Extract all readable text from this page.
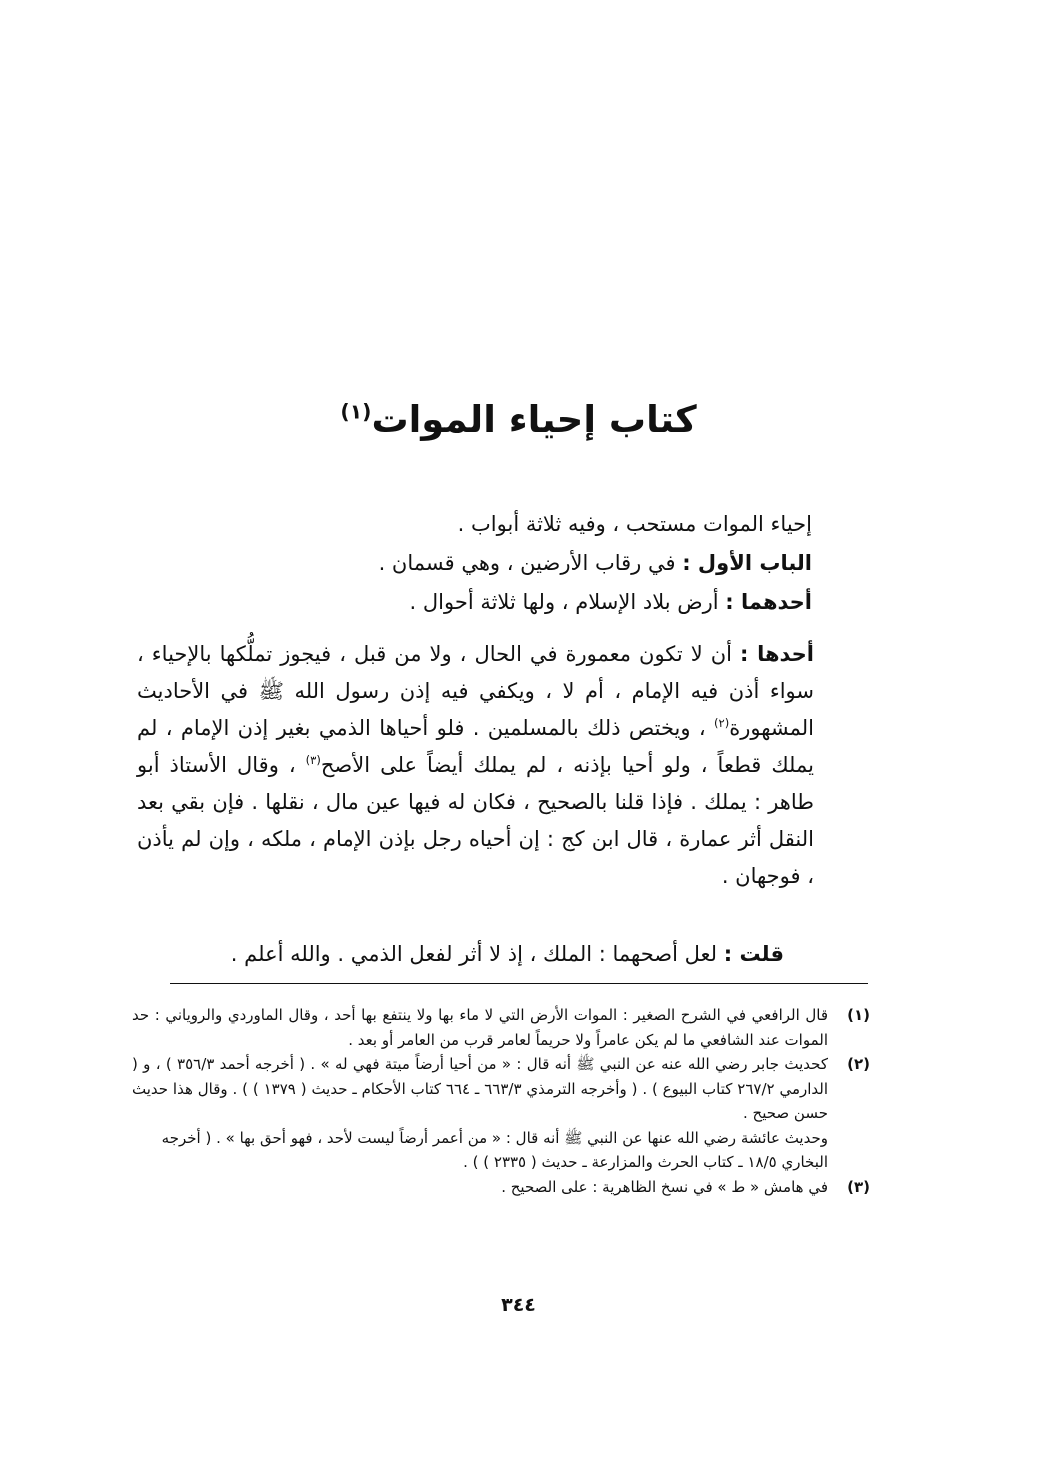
كتاب إحياء الموات$^{(١)}$
إحياء الموات مستحب ، وفيه ثلاثة أبواب .
الباب الأول : في رقاب الأرضين ، وهي قسمان .
أحدهما : أرض بلاد الإسلام ، ولها ثلاثة أحوال .
أحدها : أن لا تكون معمورة في الحال ، ولا من قبل ، فيجوز تملُّكها بالإحياء ، سواء أذن فيه الإمام ، أم لا ، ويكفي فيه إذن رسول الله ﷺ في الأحاديث المشهورة$^{(٢)}$ ، ويختص ذلك بالمسلمين . فلو أحياها الذمي بغير إذن الإمام ، لم يملك قطعاً ، ولو أحيا بإذنه ، لم يملك أيضاً على الأصح$^{(٣)}$ ، وقال الأستاذ أبو طاهر : يملك . فإذا قلنا بالصحيح ، فكان له فيها عين مال ، نقلها . فإن بقي بعد النقل أثر عمارة ، قال ابن كج : إن أحياه رجل بإذن الإمام ، ملكه ، وإن لم يأذن ، فوجهان .
قلت : لعل أصحهما : الملك ، إذ لا أثر لفعل الذمي . والله أعلم .
(١)
قال الرافعي في الشرح الصغير : الموات الأرض التي لا ماء بها ولا ينتفع بها أحد ، وقال الماوردي والروياني : حد الموات عند الشافعي ما لم يكن عامراً ولا حريماً لعامر قرب من العامر أو بعد .
(٢)
كحديث جابر رضي الله عنه عن النبي ﷺ أنه قال : « من أحيا أرضاً ميتة فهي له » . ( أخرجه أحمد ٣٥٦/٣ ) ، و ( الدارمي ٢٦٧/٢ كتاب البيوع ) . ( وأخرجه الترمذي ٦٦٣/٣ ـ ٦٦٤ كتاب الأحكام ـ حديث ( ١٣٧٩ ) ) . وقال هذا حديث حسن صحيح .
وحديث عائشة رضي الله عنها عن النبي ﷺ أنه قال : « من أعمر أرضاً ليست لأحد ، فهو أحق بها » . ( أخرجه البخاري ١٨/٥ ـ كتاب الحرث والمزارعة ـ حديث ( ٢٣٣٥ ) ) .
(٣)
في هامش « ط » في نسخ الظاهرية : على الصحيح .
٣٤٤
